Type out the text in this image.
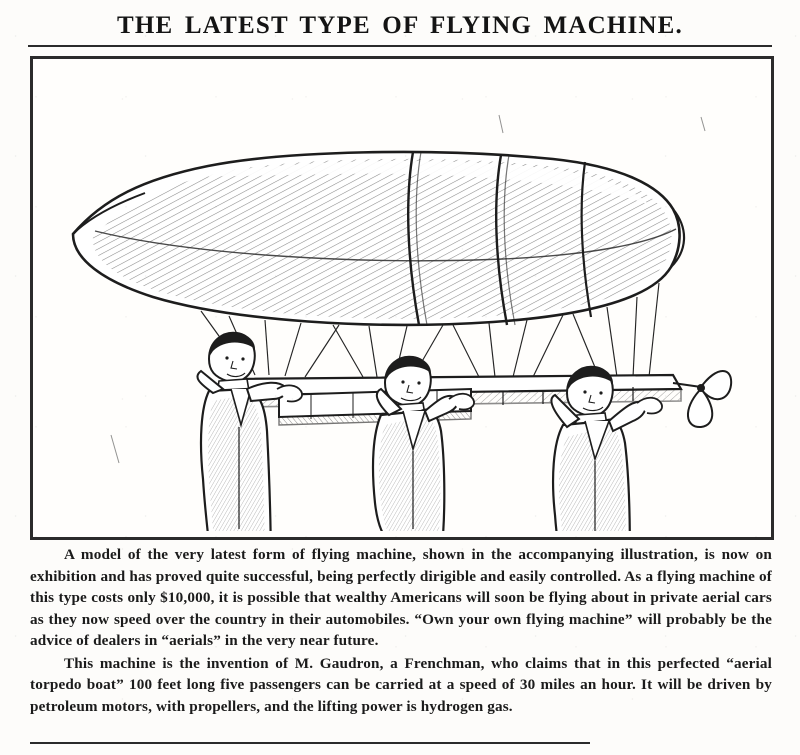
THE LATEST TYPE OF FLYING MACHINE.

A model of the very latest form of flying machine, shown in the accompanying illustration, is now on exhibition and has proved quite successful, being perfectly dirigible and easily controlled. As a flying machine of this type costs only $10,000, it is possible that wealthy Americans will soon be flying about in private aerial cars as they now speed over the country in their automobiles. “Own your own flying machine” will probably be the advice of dealers in “aerials” in the very near future.

This machine is the invention of M. Gaudron, a Frenchman, who claims that in this perfected “aerial torpedo boat” 100 feet long five passengers can be carried at a speed of 30 miles an hour. It will be driven by petroleum motors, with propellers, and the lifting power is hydrogen gas.
